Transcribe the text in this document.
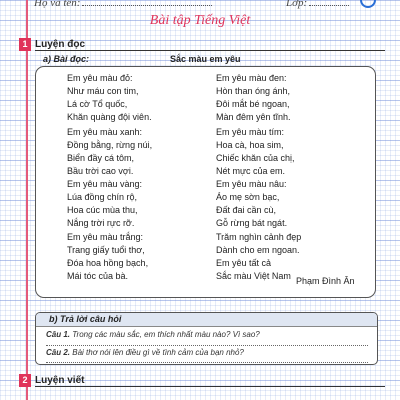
Họ và tên:	Lớp:
Bài tập Tiếng Việt
1 Luyện đọc
a) Bài đọc:	Sắc màu em yêu
Em yêu màu đỏ:
Như máu con tim,
Lá cờ Tổ quốc,
Khăn quàng đội viên.
Em yêu màu xanh:
Đồng bằng, rừng núi,
Biển đầy cá tôm,
Bầu trời cao vợi.
Em yêu màu vàng:
Lúa đồng chín rộ,
Hoa cúc mùa thu,
Nắng trời rực rỡ.
Em yêu màu trắng:
Trang giấy tuổi thơ,
Đóa hoa hồng bạch,
Mái tóc của bà.
Em yêu màu đen:
Hòn than óng ánh,
Đôi mắt bé ngoan,
Màn đêm yên tĩnh.
Em yêu màu tím:
Hoa cà, hoa sim,
Chiếc khăn của chị,
Nét mực của em.
Em yêu màu nâu:
Áo mẹ sờn bạc,
Đất đai cần cù,
Gỗ rừng bát ngát.
Trăm nghìn cảnh đẹp
Dành cho em ngoan.
Em yêu tất cả
Sắc màu Việt Nam Phạm Đình Ân
b) Trả lời câu hỏi
Câu 1. Trong các màu sắc, em thích nhất màu nào? Vì sao?
Câu 2. Bài thơ nói lên điều gì về tình cảm của bạn nhỏ?
2 Luyện viết
